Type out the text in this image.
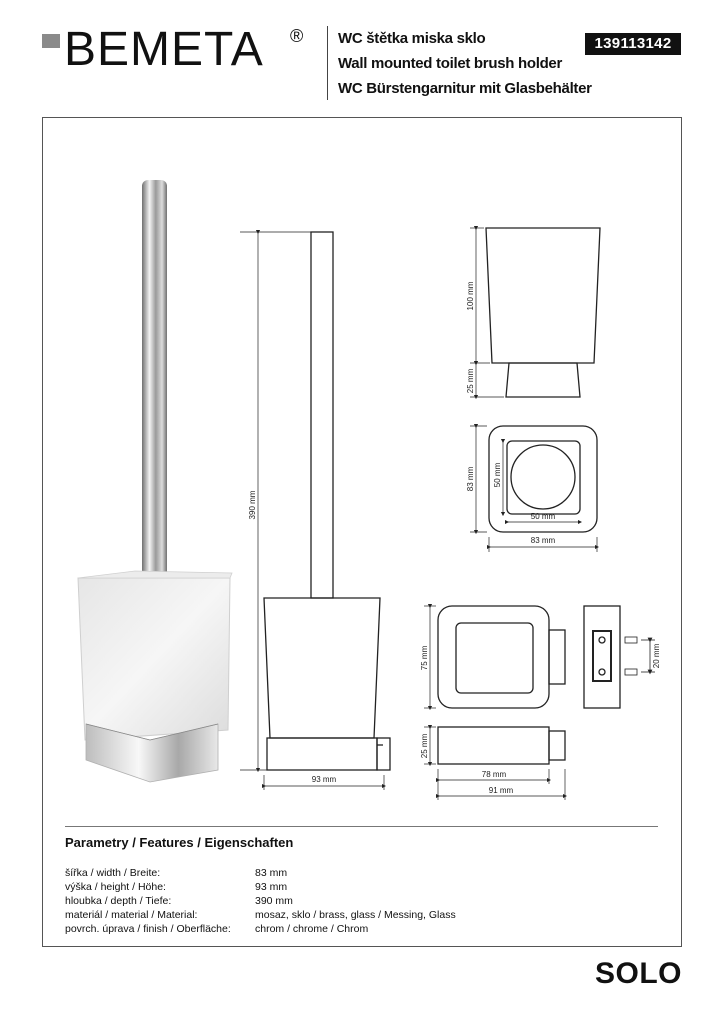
BEMETA ® WC štětka miska sklo
Wall mounted toilet brush holder
WC Bürstengarnitur mit Glasbehälter
139113142
390 mm
93 mm
100 mm
25 mm
83 mm 50 mm
50 mm
83 mm
75 mm
25 mm
78 mm
91 mm
20 mm
Parametry / Features / Eigenschaften
šířka / width / Breite:	83 mm
výška / height / Höhe:	93 mm
hloubka / depth / Tiefe:	390 mm
materiál / material / Material:	mosaz, sklo / brass, glass / Messing, Glass
povrch. úprava / finish / Oberfläche: chrom / chrome / Chrom
SOLO
